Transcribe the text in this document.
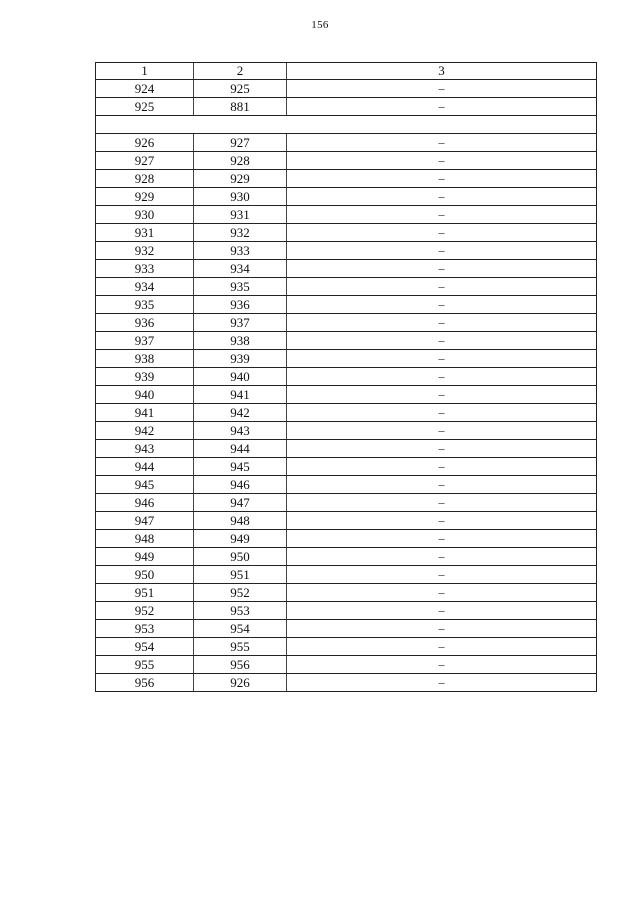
156
1	2	3
924	925	–
925	881	–
926	927	–
927	928	–
928	929	–
929	930	–
930	931	–
931	932	–
932	933	–
933	934	–
934	935	–
935	936	–
936	937	–
937	938	–
938	939	–
939	940	–
940	941	–
941	942	–
942	943	–
943	944	–
944	945	–
945	946	–
946	947	–
947	948	–
948	949	–
949	950	–
950	951	–
951	952	–
952	953	–
953	954	–
954	955	–
955	956	–
956	926	–
